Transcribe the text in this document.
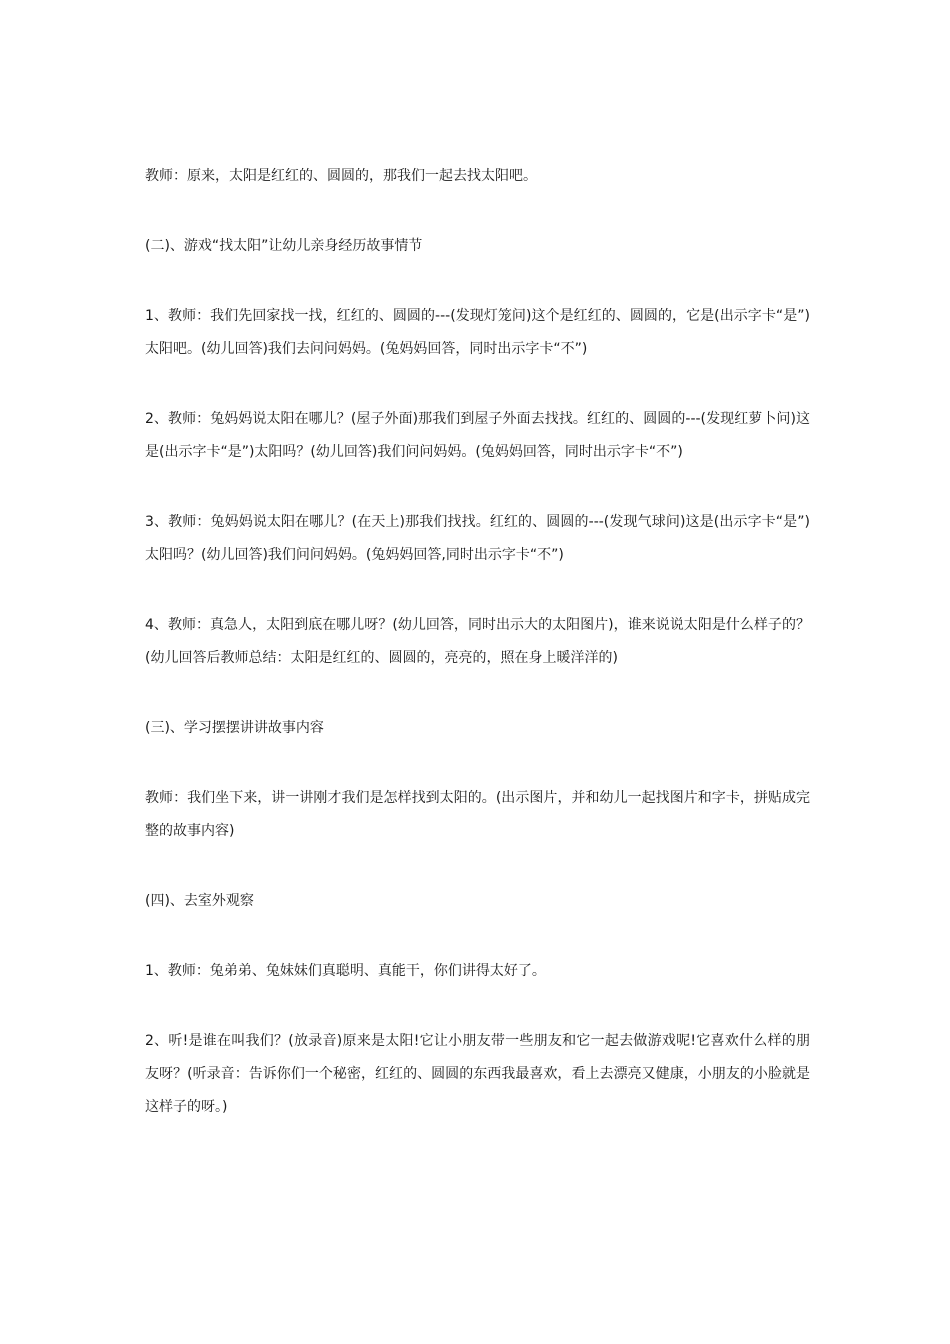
教师：原来，太阳是红红的、圆圆的，那我们一起去找太阳吧。

(二)、游戏“找太阳”让幼儿亲身经历故事情节

1、教师：我们先回家找一找，红红的、圆圆的---(发现灯笼问)这个是红红的、圆圆的，它是(出示字卡“是”)太阳吧。(幼儿回答)我们去问问妈妈。(兔妈妈回答，同时出示字卡“不”)

2、教师：兔妈妈说太阳在哪儿？(屋子外面)那我们到屋子外面去找找。红红的、圆圆的---(发现红萝卜问)这是(出示字卡“是”)太阳吗？(幼儿回答)我们问问妈妈。(兔妈妈回答，同时出示字卡“不”)

3、教师：兔妈妈说太阳在哪儿？(在天上)那我们找找。红红的、圆圆的---(发现气球问)这是(出示字卡“是”)太阳吗？(幼儿回答)我们问问妈妈。(兔妈妈回答,同时出示字卡“不”)

4、教师：真急人，太阳到底在哪儿呀？(幼儿回答，同时出示大的太阳图片)，谁来说说太阳是什么样子的？(幼儿回答后教师总结：太阳是红红的、圆圆的，亮亮的，照在身上暖洋洋的)

(三)、学习摆摆讲讲故事内容

教师：我们坐下来，讲一讲刚才我们是怎样找到太阳的。(出示图片，并和幼儿一起找图片和字卡，拼贴成完整的故事内容)

(四)、去室外观察

1、教师：兔弟弟、兔妹妹们真聪明、真能干，你们讲得太好了。

2、听!是谁在叫我们？(放录音)原来是太阳!它让小朋友带一些朋友和它一起去做游戏呢!它喜欢什么样的朋友呀？(听录音：告诉你们一个秘密，红红的、圆圆的东西我最喜欢，看上去漂亮又健康，小朋友的小脸就是这样子的呀。)
